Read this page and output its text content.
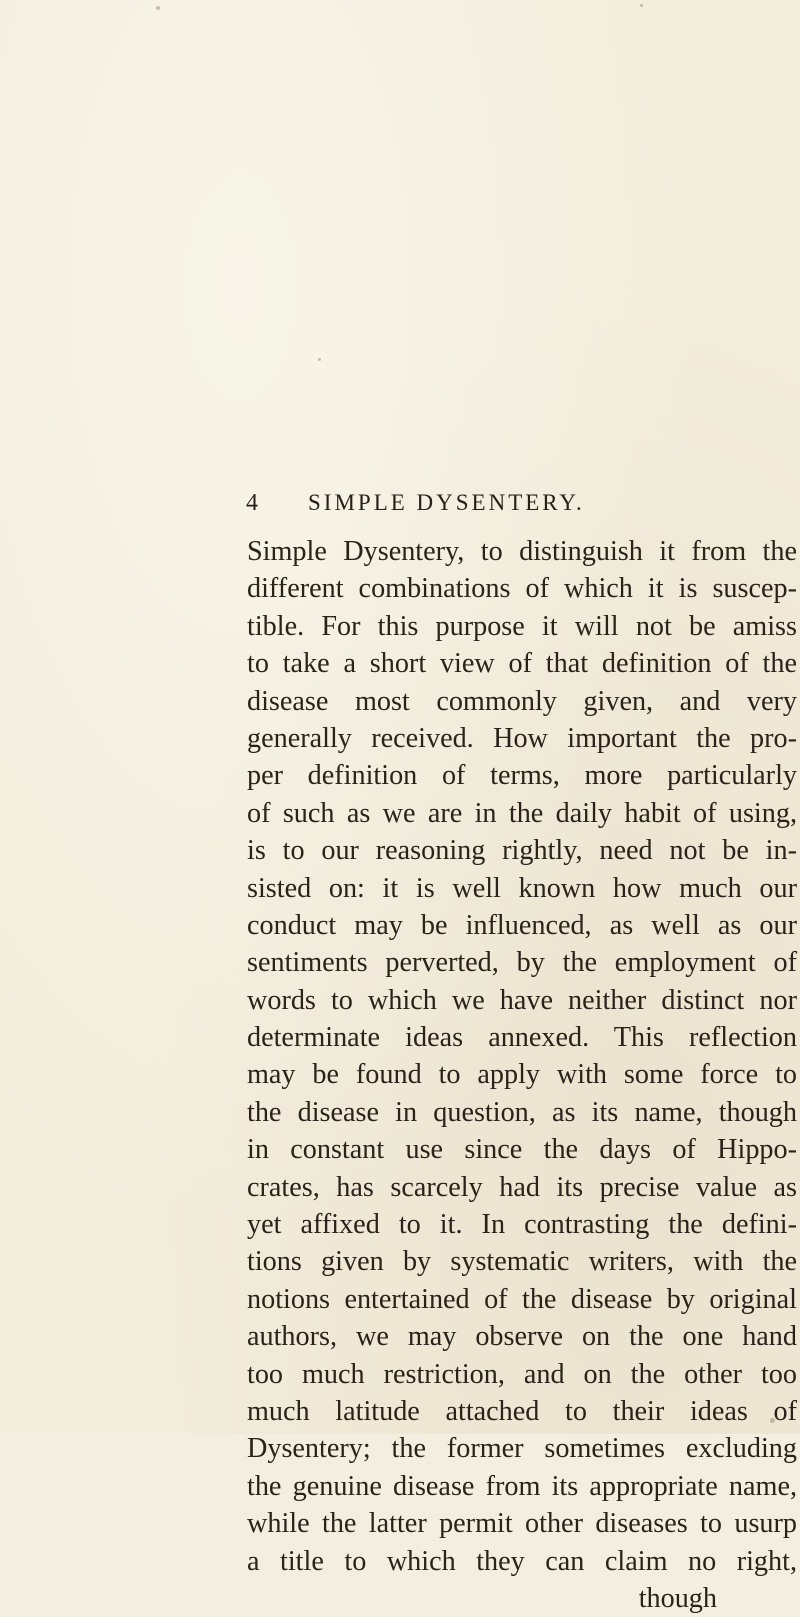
4 SIMPLE DYSENTERY.
Simple Dysentery, to distinguish it from the
different combinations of which it is suscep-
tible. For this purpose it will not be amiss
to take a short view of that definition of the
disease most commonly given, and very
generally received. How important the pro-
per definition of terms, more particularly
of such as we are in the daily habit of using,
is to our reasoning rightly, need not be in-
sisted on: it is well known how much our
conduct may be influenced, as well as our
sentiments perverted, by the employment of
words to which we have neither distinct nor
determinate ideas annexed. This reflection
may be found to apply with some force to
the disease in question, as its name, though
in constant use since the days of Hippo-
crates, has scarcely had its precise value as
yet affixed to it. In contrasting the defini-
tions given by systematic writers, with the
notions entertained of the disease by original
authors, we may observe on the one hand
too much restriction, and on the other too
much latitude attached to their ideas of
Dysentery; the former sometimes excluding
the genuine disease from its appropriate name,
while the latter permit other diseases to usurp
a title to which they can claim no right,
though
